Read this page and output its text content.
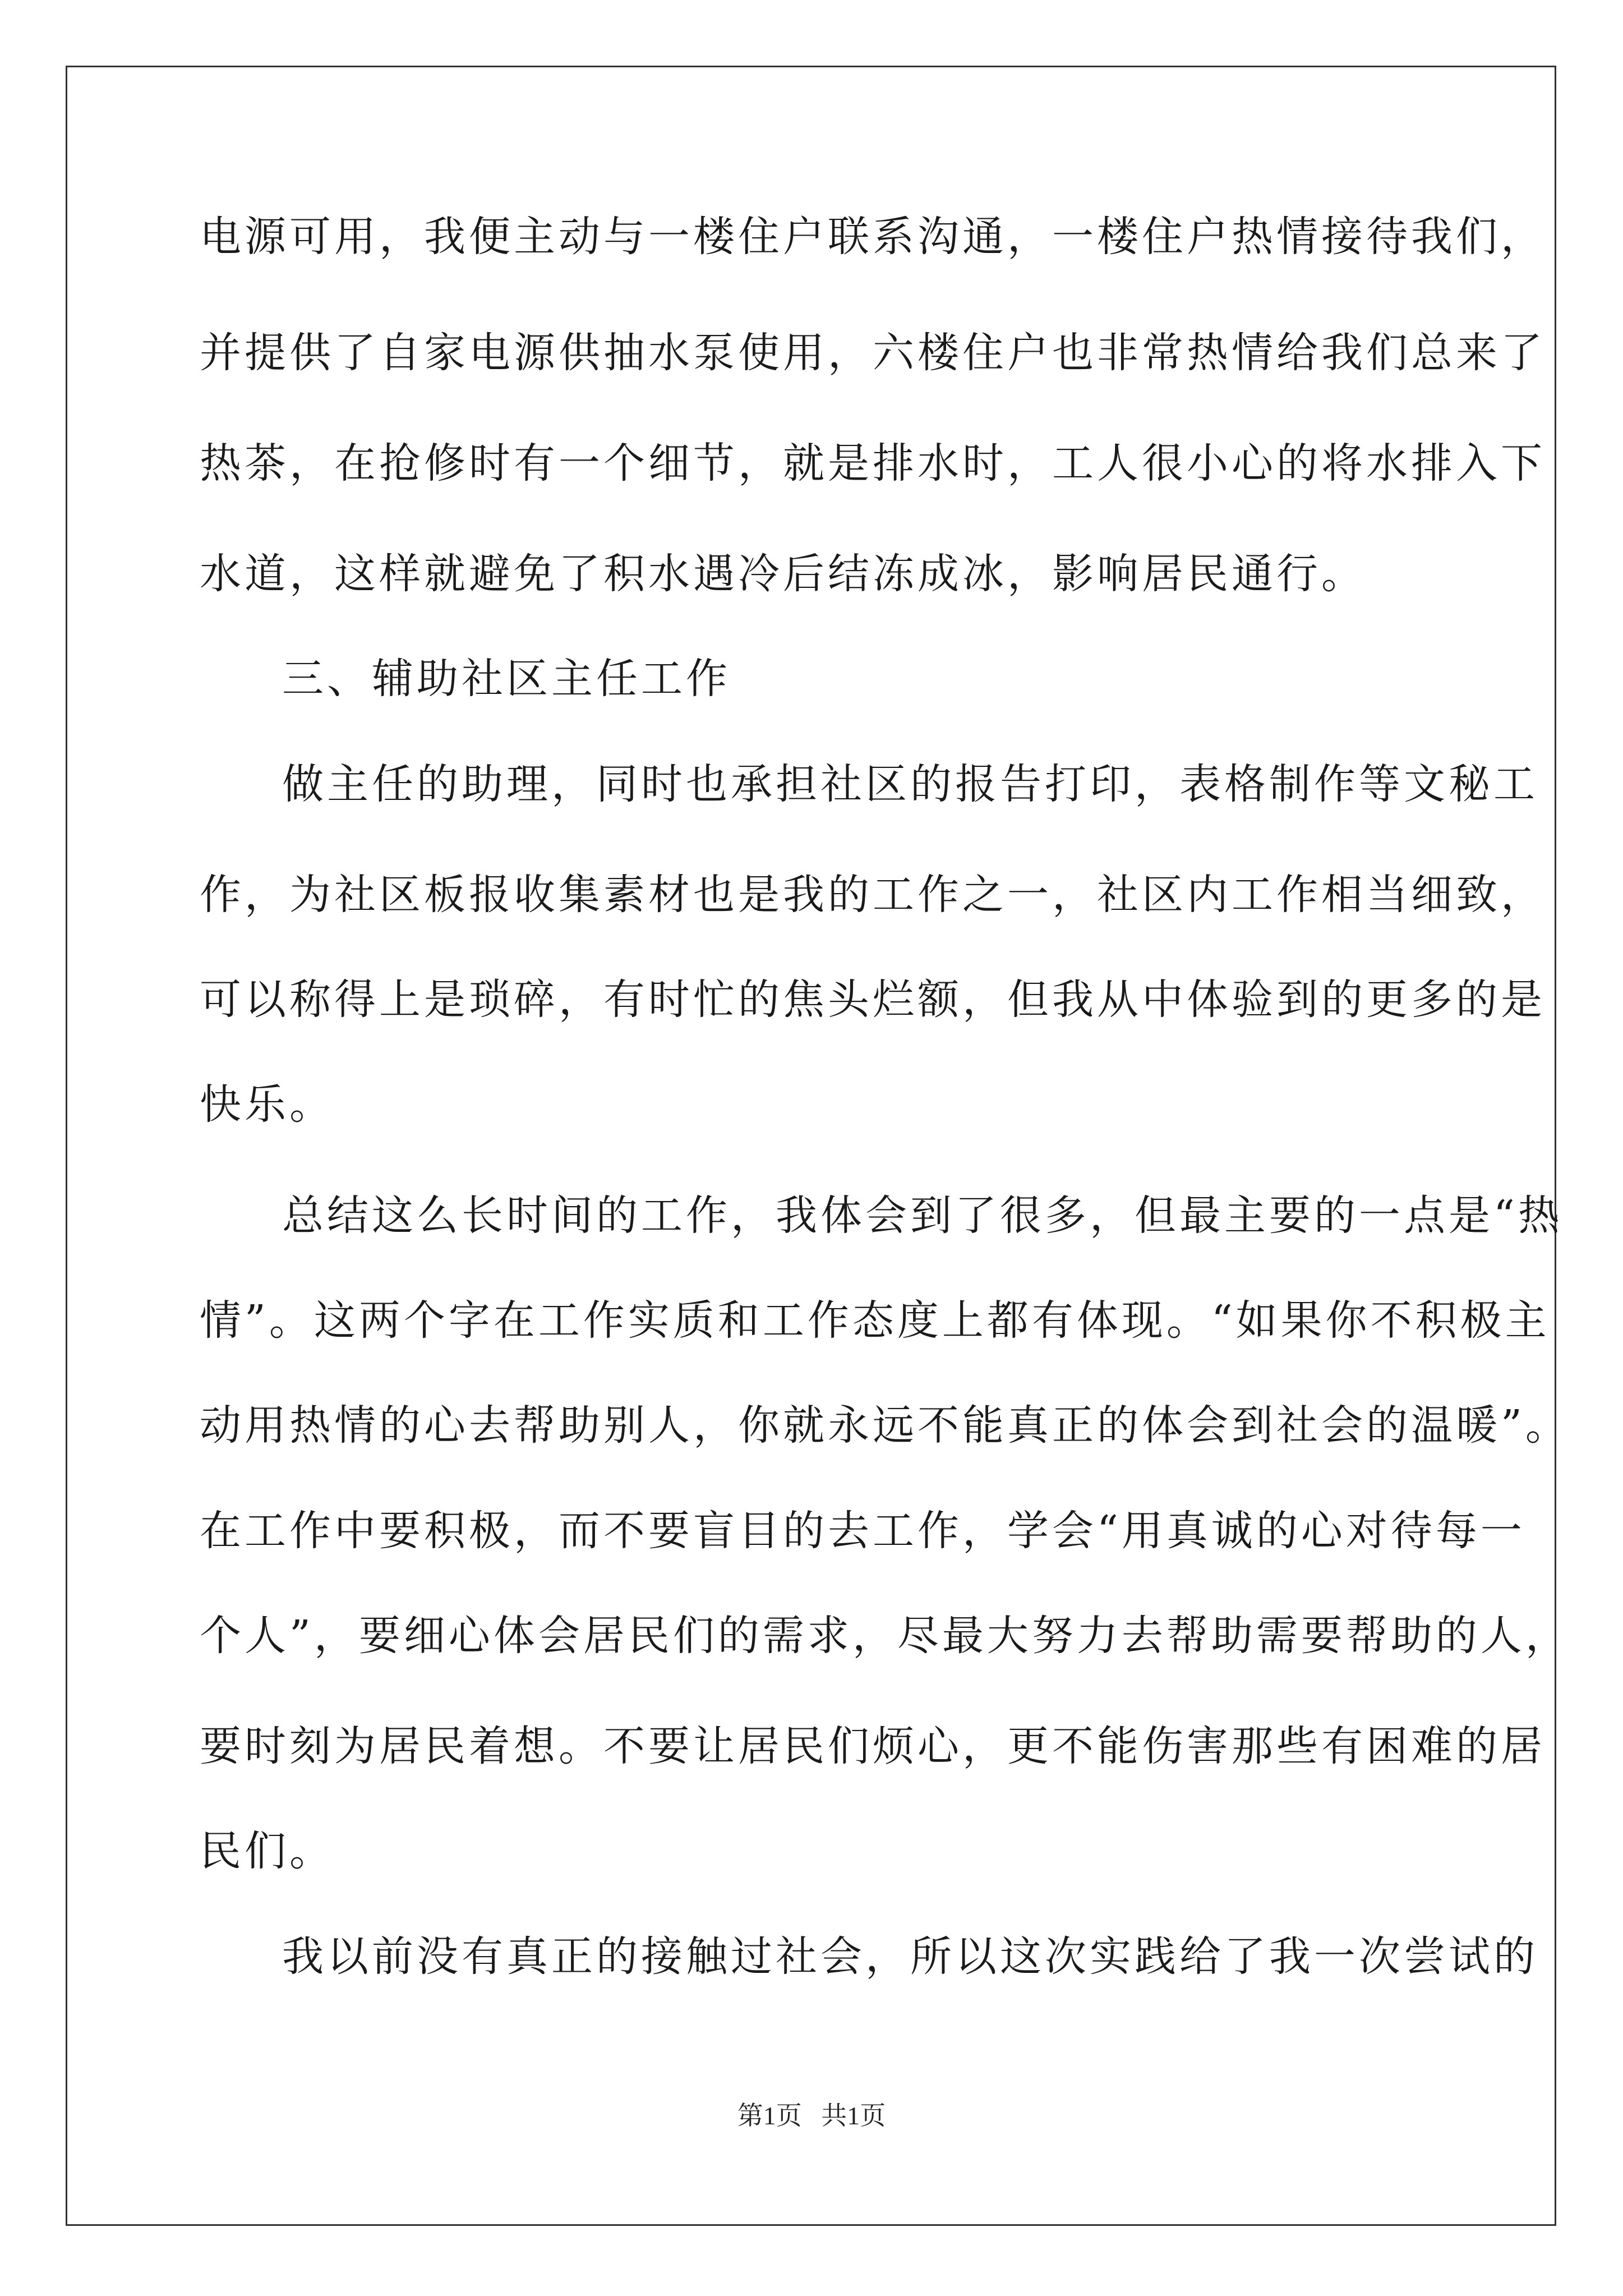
电源可用，我便主动与一楼住户联系沟通，一楼住户热情接待我们，
并提供了自家电源供抽水泵使用，六楼住户也非常热情给我们总来了
热茶，在抢修时有一个细节，就是排水时，工人很小心的将水排入下
水道，这样就避免了积水遇冷后结冻成冰，影响居民通行。
三、辅助社区主任工作
做主任的助理，同时也承担社区的报告打印，表格制作等文秘工
作，为社区板报收集素材也是我的工作之一，社区内工作相当细致，
可以称得上是琐碎，有时忙的焦头烂额，但我从中体验到的更多的是
快乐。
总结这么长时间的工作，我体会到了很多，但最主要的一点是“热
情”。这两个字在工作实质和工作态度上都有体现。“如果你不积极主
动用热情的心去帮助别人，你就永远不能真正的体会到社会的温暖”。
在工作中要积极，而不要盲目的去工作，学会“用真诚的心对待每一
个人”，要细心体会居民们的需求，尽最大努力去帮助需要帮助的人，
要时刻为居民着想。不要让居民们烦心，更不能伤害那些有困难的居
民们。
我以前没有真正的接触过社会，所以这次实践给了我一次尝试的
第1页   共1页
